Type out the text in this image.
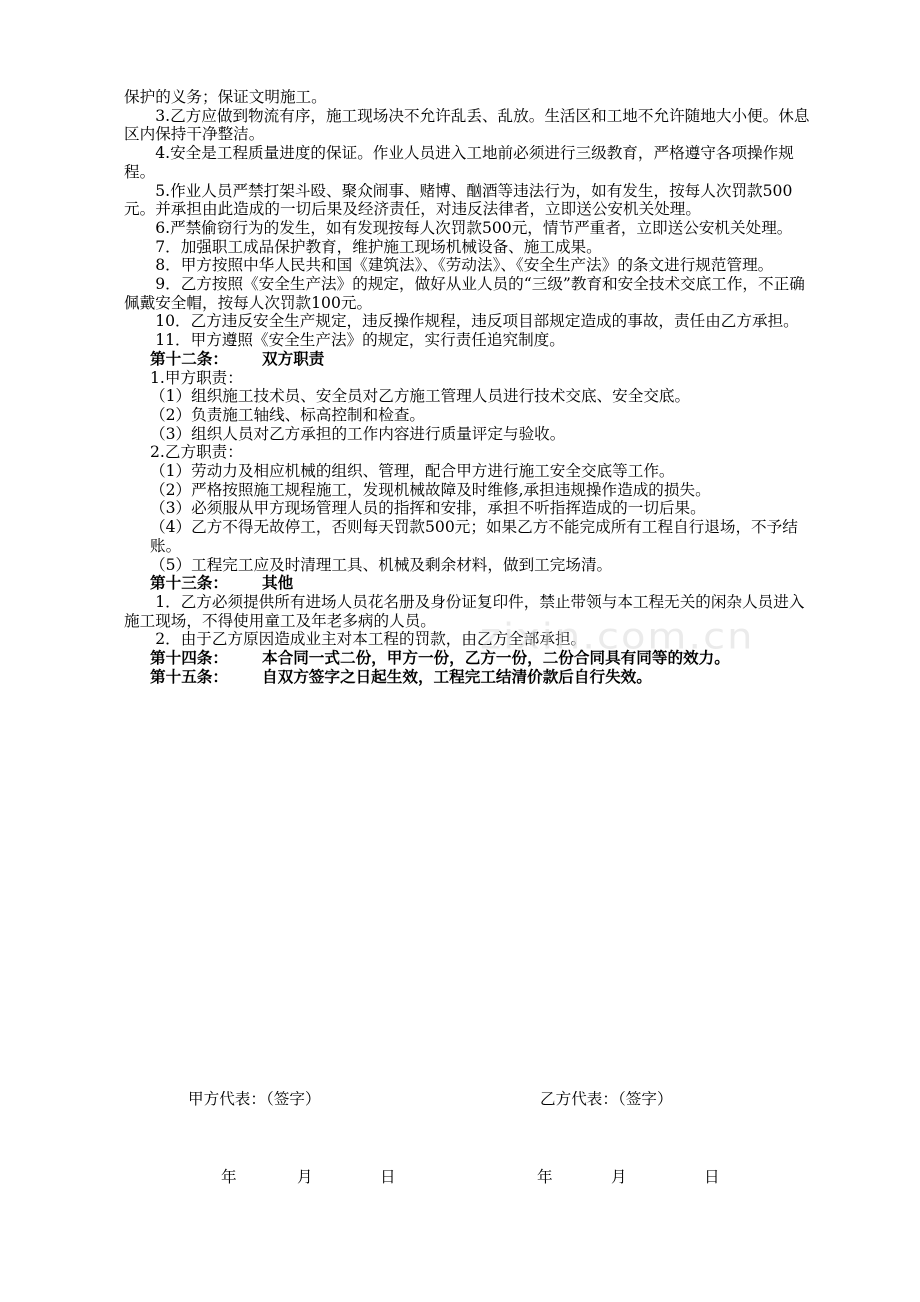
保护的义务；保证文明施工。

3.乙方应做到物流有序，施工现场决不允许乱丢、乱放。生活区和工地不允许随地大小便。休息区内保持干净整洁。

4.安全是工程质量进度的保证。作业人员进入工地前必须进行三级教育，严格遵守各项操作规程。

5.作业人员严禁打架斗殴、聚众闹事、赌博、酗酒等违法行为，如有发生，按每人次罚款500元。并承担由此造成的一切后果及经济责任，对违反法律者，立即送公安机关处理。

6.严禁偷窃行为的发生，如有发现按每人次罚款500元，情节严重者，立即送公安机关处理。

7．加强职工成品保护教育，维护施工现场机械设备、施工成果。

8．甲方按照中华人民共和国《建筑法》、《劳动法》、《安全生产法》的条文进行规范管理。

9．乙方按照《安全生产法》的规定，做好从业人员的“三级”教育和安全技术交底工作，不正确佩戴安全帽，按每人次罚款100元。

10．乙方违反安全生产规定，违反操作规程，违反项目部规定造成的事故，责任由乙方承担。

11．甲方遵照《安全生产法》的规定，实行责任追究制度。

第十二条： 双方职责

1.甲方职责：

（1）组织施工技术员、安全员对乙方施工管理人员进行技术交底、安全交底。

（2）负责施工轴线、标高控制和检查。

（3）组织人员对乙方承担的工作内容进行质量评定与验收。

2.乙方职责：

（1）劳动力及相应机械的组织、管理，配合甲方进行施工安全交底等工作。

（2）严格按照施工规程施工，发现机械故障及时维修,承担违规操作造成的损失。

（3）必须服从甲方现场管理人员的指挥和安排，承担不听指挥造成的一切后果。

（4）乙方不得无故停工，否则每天罚款500元；如果乙方不能完成所有工程自行退场，不予结账。

（5）工程完工应及时清理工具、机械及剩余材料，做到工完场清。

第十三条： 其他

1．乙方必须提供所有进场人员花名册及身份证复印件，禁止带领与本工程无关的闲杂人员进入施工现场，不得使用童工及年老多病的人员。

2．由于乙方原因造成业主对本工程的罚款，由乙方全部承担。

第十四条： 本合同一式二份，甲方一份，乙方一份，二份合同具有同等的效力。

第十五条： 自双方签字之日起生效，工程完工结清价款后自行失效。

zixin.com.cn
甲方代表：（签字）	乙方代表：（签字）
年	月	日	年	月	日
